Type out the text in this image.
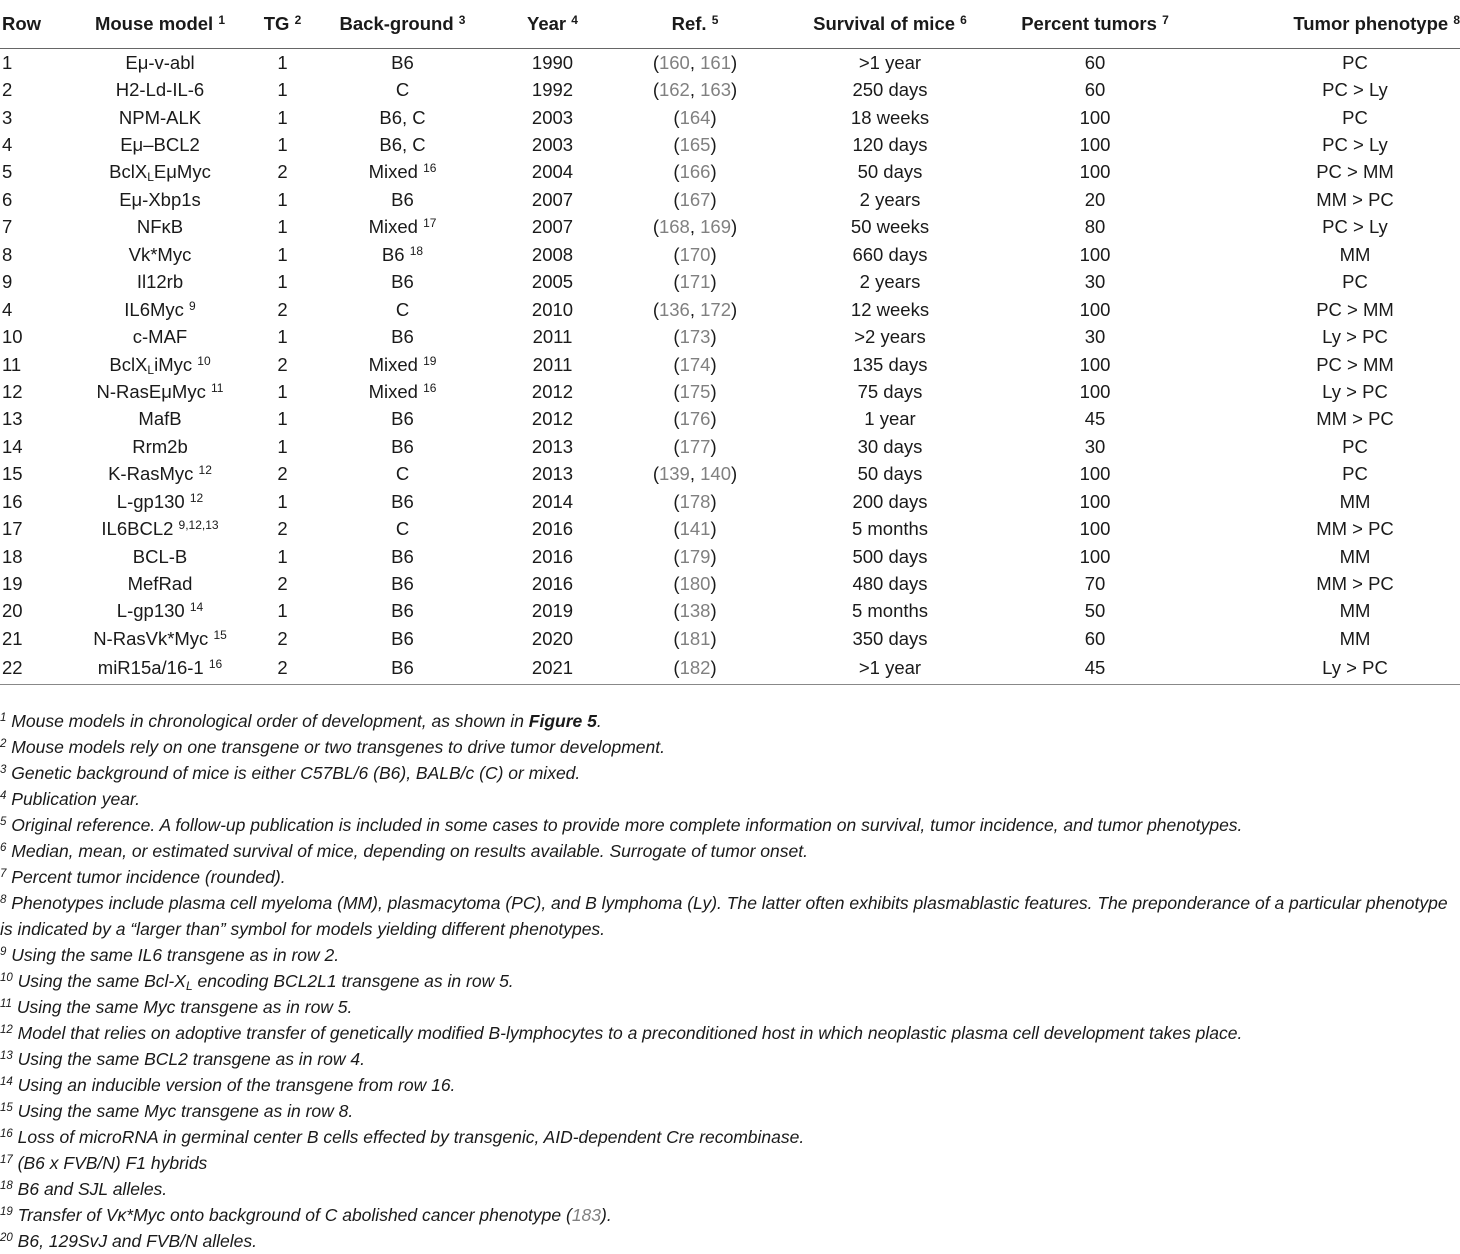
Row	Mouse model $^1$	TG $^2$	Back-ground $^3$	Year $^4$	Ref. $^5$	Survival of mice $^6$	Percent tumors $^7$	Tumor phenotype $^8$
1	Eμ-v-abl	1	B6	1990	(160, 161)	>1 year	60	PC
2	H2-Ld-IL-6	1	C	1992	(162, 163)	250 days	60	PC > Ly
3	NPM-ALK	1	B6, C	2003	(164)	18 weeks	100	PC
4	Eμ–BCL2	1	B6, C	2003	(165)	120 days	100	PC > Ly
5	BclX$_L$EμMyc	2	Mixed $^{16}$	2004	(166)	50 days	100	PC > MM
6	Eμ-Xbp1s	1	B6	2007	(167)	2 years	20	MM > PC
7	NFκB	1	Mixed $^{17}$	2007	(168, 169)	50 weeks	80	PC > Ly
8	Vk*Myc	1	B6 $^{18}$	2008	(170)	660 days	100	MM
9	Il12rb	1	B6	2005	(171)	2 years	30	PC
4	IL6Myc $^9$	2	C	2010	(136, 172)	12 weeks	100	PC > MM
10	c-MAF	1	B6	2011	(173)	>2 years	30	Ly > PC
11	BclX$_L$iMyc $^{10}$	2	Mixed $^{19}$	2011	(174)	135 days	100	PC > MM
12	N-RasEμMyc $^{11}$	1	Mixed $^{16}$	2012	(175)	75 days	100	Ly > PC
13	MafB	1	B6	2012	(176)	1 year	45	MM > PC
14	Rrm2b	1	B6	2013	(177)	30 days	30	PC
15	K-RasMyc $^{12}$	2	C	2013	(139, 140)	50 days	100	PC
16	L-gp130 $^{12}$	1	B6	2014	(178)	200 days	100	MM
17	IL6BCL2 $^{9,12,13}$	2	C	2016	(141)	5 months	100	MM > PC
18	BCL-B	1	B6	2016	(179)	500 days	100	MM
19	MefRad	2	B6	2016	(180)	480 days	70	MM > PC
20	L-gp130 $^{14}$	1	B6	2019	(138)	5 months	50	MM
21	N-RasVk*Myc $^{15}$	2	B6	2020	(181)	350 days	60	MM
22	miR15a/16-1 $^{16}$	2	B6	2021	(182)	>1 year	45	Ly > PC
$^1$ Mouse models in chronological order of development, as shown in Figure 5.
$^2$ Mouse models rely on one transgene or two transgenes to drive tumor development.
$^3$ Genetic background of mice is either C57BL/6 (B6), BALB/c (C) or mixed.
$^4$ Publication year.
$^5$ Original reference. A follow-up publication is included in some cases to provide more complete information on survival, tumor incidence, and tumor phenotypes.
$^6$ Median, mean, or estimated survival of mice, depending on results available. Surrogate of tumor onset.
$^7$ Percent tumor incidence (rounded).
$^8$ Phenotypes include plasma cell myeloma (MM), plasmacytoma (PC), and B lymphoma (Ly). The latter often exhibits plasmablastic features. The preponderance of a particular phenotype is indicated by a “larger than” symbol for models yielding different phenotypes.
$^9$ Using the same IL6 transgene as in row 2.
$^{10}$ Using the same Bcl-$X_L$ encoding BCL2L1 transgene as in row 5.
$^{11}$ Using the same Myc transgene as in row 5.
$^{12}$ Model that relies on adoptive transfer of genetically modified B-lymphocytes to a preconditioned host in which neoplastic plasma cell development takes place.
$^{13}$ Using the same BCL2 transgene as in row 4.
$^{14}$ Using an inducible version of the transgene from row 16.
$^{15}$ Using the same Myc transgene as in row 8.
$^{16}$ Loss of microRNA in germinal center B cells effected by transgenic, AID-dependent Cre recombinase.
$^{17}$ (B6 x FVB/N) F1 hybrids
$^{18}$ B6 and SJL alleles.
$^{19}$ Transfer of Vκ*Myc onto background of C abolished cancer phenotype (183).
$^{20}$ B6, 129SvJ and FVB/N alleles.
